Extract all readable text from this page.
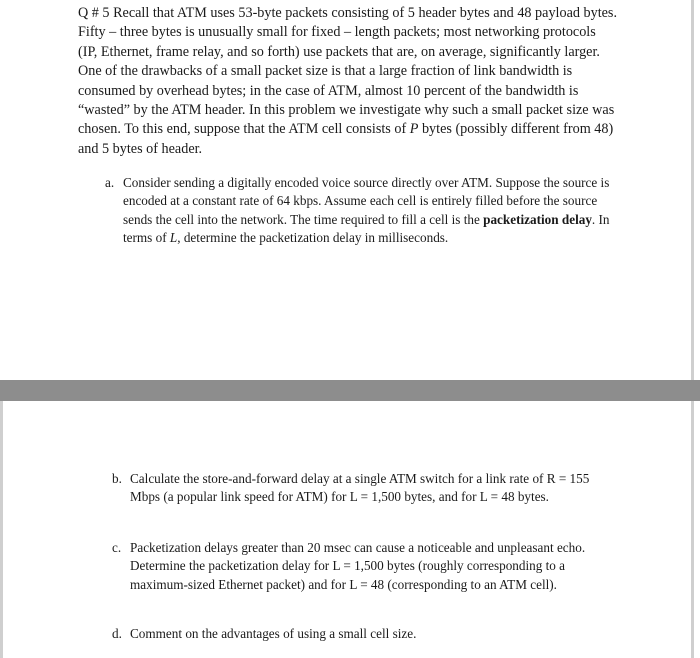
Q # 5 Recall that ATM uses 53-byte packets consisting of 5 header bytes and 48 payload bytes. Fifty – three bytes is unusually small for fixed – length packets; most networking protocols (IP, Ethernet, frame relay, and so forth) use packets that are, on average, significantly larger. One of the drawbacks of a small packet size is that a large fraction of link bandwidth is consumed by overhead bytes; in the case of ATM, almost 10 percent of the bandwidth is “wasted” by the ATM header. In this problem we investigate why such a small packet size was chosen. To this end, suppose that the ATM cell consists of P bytes (possibly different from 48) and 5 bytes of header.

a. Consider sending a digitally encoded voice source directly over ATM. Suppose the source is encoded at a constant rate of 64 kbps. Assume each cell is entirely filled before the source sends the cell into the network. The time required to fill a cell is the packetization delay. In terms of L, determine the packetization delay in milliseconds.
b. Calculate the store-and-forward delay at a single ATM switch for a link rate of R = 155 Mbps (a popular link speed for ATM) for L = 1,500 bytes, and for L = 48 bytes.
c. Packetization delays greater than 20 msec can cause a noticeable and unpleasant echo. Determine the packetization delay for L = 1,500 bytes (roughly corresponding to a maximum-sized Ethernet packet) and for L = 48 (corresponding to an ATM cell).
d. Comment on the advantages of using a small cell size.
